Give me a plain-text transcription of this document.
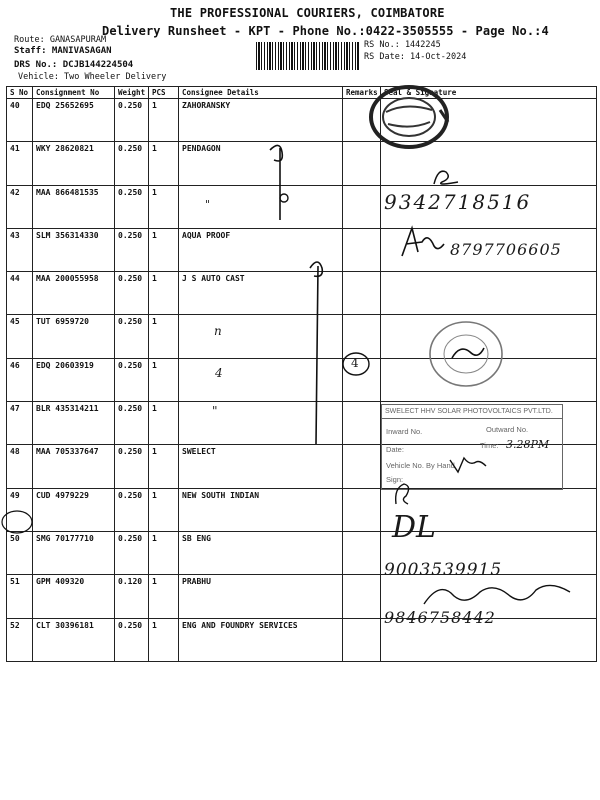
THE PROFESSIONAL COURIERS, COIMBATORE
Delivery Runsheet - KPT - Phone No.:0422-3505555 - Page No.:4
Route: GANASAPURAM
Staff: MANIVASAGAN
DRS No.: DCJB144224504
Vehicle: Two Wheeler Delivery
RS No.: 1442245
RS Date: 14-Oct-2024
S No	Consignment No	Weight	PCS	Consignee Details	Remarks	Seal & Signature
40	EDQ 25652695	0.250	1	ZAHORANSKY		
41	WKY 28620821	0.250	1	PENDAGON		
42	MAA 866481535	0.250	1			
43	SLM 356314330	0.250	1	AQUA PROOF		
44	MAA 200055958	0.250	1	J S AUTO CAST		
45	TUT 6959720	0.250	1			
46	EDQ 20603919	0.250	1			
47	BLR 435314211	0.250	1			
48	MAA 705337647	0.250	1	SWELECT		
49	CUD 4979229	0.250	1	NEW SOUTH INDIAN		
50	SMG 70177710	0.250	1	SB ENG		
51	GPM 409320	0.120	1	PRABHU		
52	CLT 30396181	0.250	1	ENG AND FOUNDRY SERVICES		
"	9342718516
8797706605
n
4
"
4
SWELECT HHV SOLAR PHOTOVOLTAICS PVT.LTD.
Inward No.	Outward No.
Date:	Time:
Vehicle No. By Hand
Sign:
3.28PM
DL
9003539915
9846758442
